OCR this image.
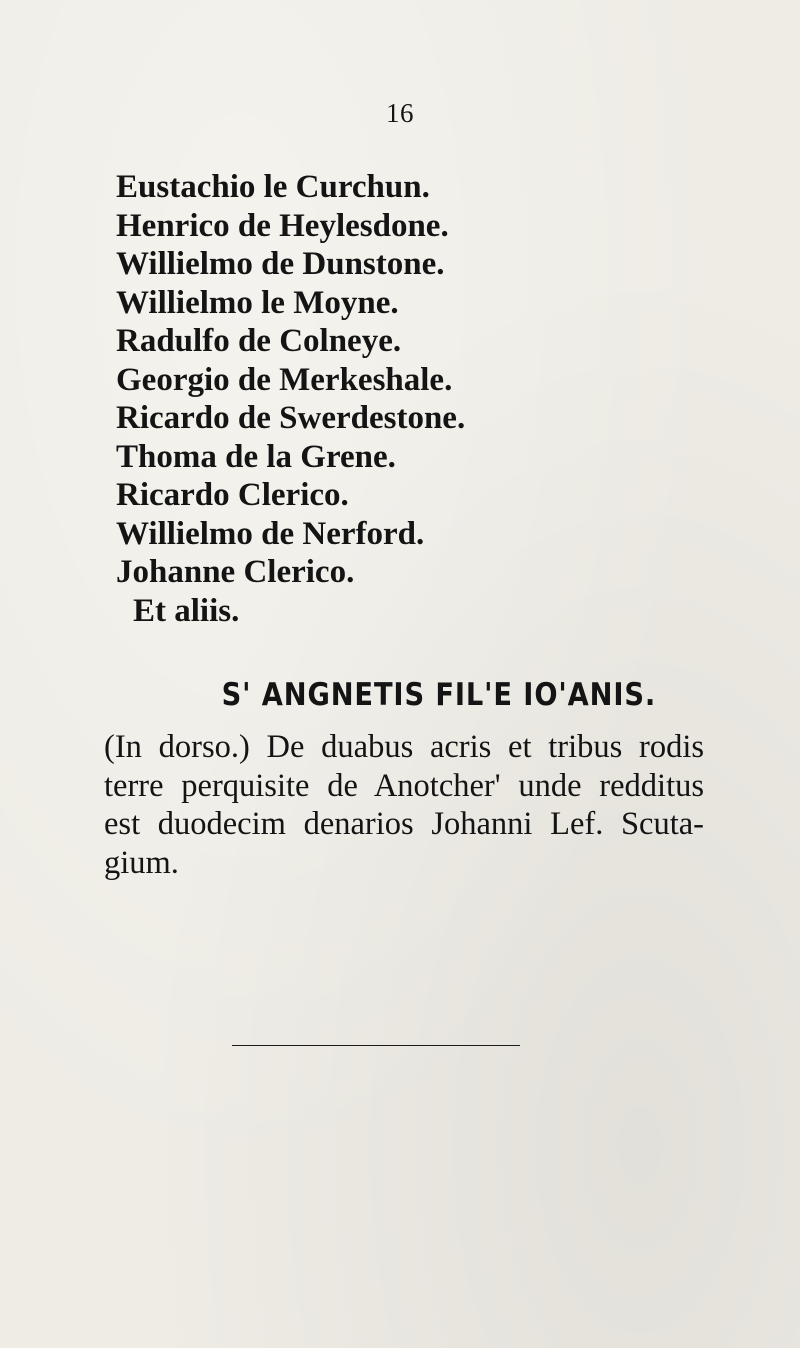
16
Eustachio le Curchun.
Henrico de Heylesdone.
Willielmo de Dunstone.
Willielmo le Moyne.
Radulfo de Colneye.
Georgio de Merkeshale.
Ricardo de Swerdestone.
Thoma de la Grene.
Ricardo Clerico.
Willielmo de Nerford.
Johanne Clerico.
Et aliis.
S' ANGNETIS FIL'E IO'ANIS.

(In dorso.) De duabus acris et tribus rodis
terre perquisite de Anotcher' unde redditus
est duodecim denarios Johanni Lef. Scuta-
gium.
